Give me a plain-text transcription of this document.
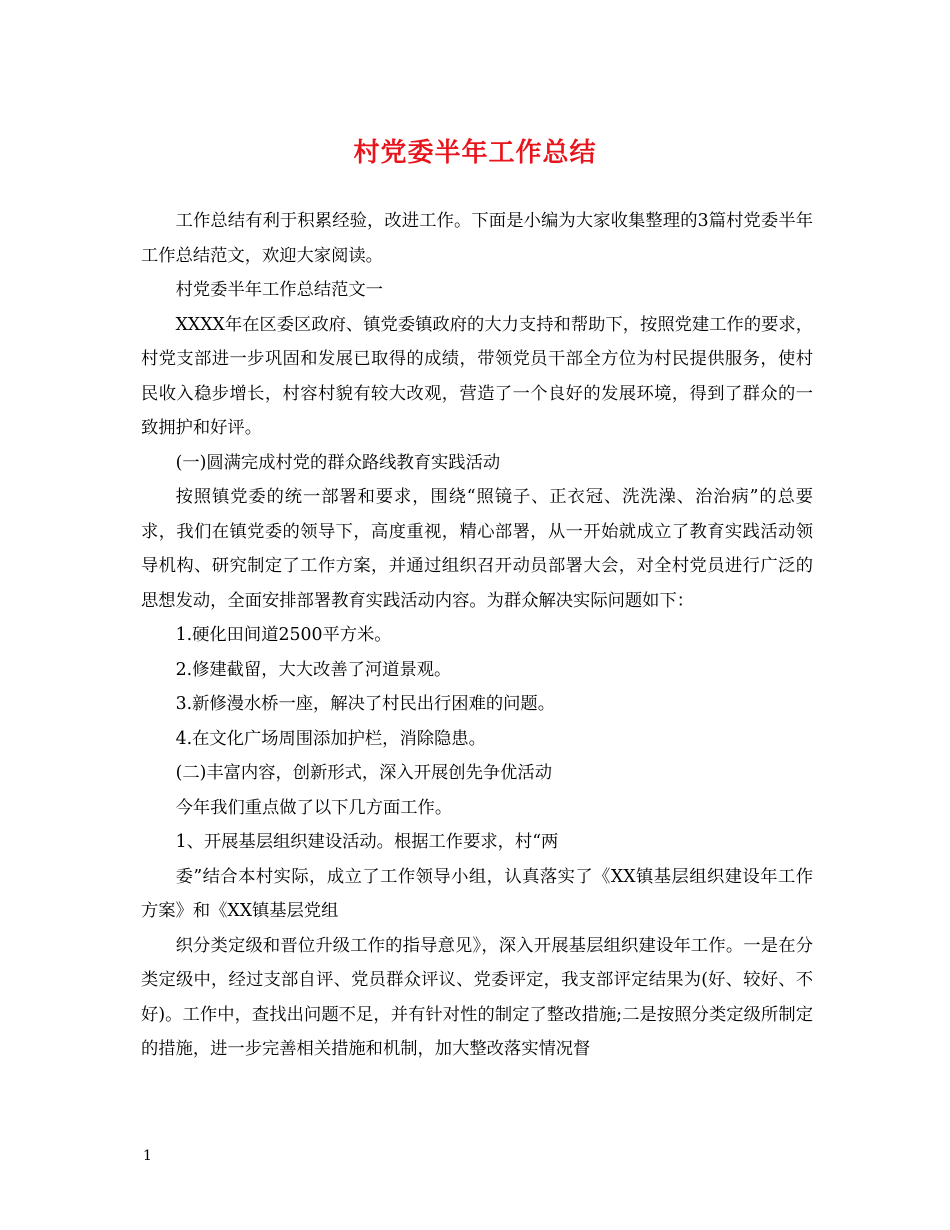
村党委半年工作总结

工作总结有利于积累经验，改进工作。下面是小编为大家收集整理的3篇村党委半年工作总结范文，欢迎大家阅读。

村党委半年工作总结范文一

XXXX年在区委区政府、镇党委镇政府的大力支持和帮助下，按照党建工作的要求，村党支部进一步巩固和发展已取得的成绩，带领党员干部全方位为村民提供服务，使村民收入稳步增长，村容村貌有较大改观，营造了一个良好的发展环境，得到了群众的一致拥护和好评。

(一)圆满完成村党的群众路线教育实践活动

按照镇党委的统一部署和要求，围绕“照镜子、正衣冠、洗洗澡、治治病”的总要求，我们在镇党委的领导下，高度重视，精心部署，从一开始就成立了教育实践活动领导机构、研究制定了工作方案，并通过组织召开动员部署大会，对全村党员进行广泛的思想发动，全面安排部署教育实践活动内容。为群众解决实际问题如下：

1.硬化田间道2500平方米。

2.修建截留，大大改善了河道景观。

3.新修漫水桥一座，解决了村民出行困难的问题。

4.在文化广场周围添加护栏，消除隐患。

(二)丰富内容，创新形式，深入开展创先争优活动

今年我们重点做了以下几方面工作。

1、开展基层组织建设活动。根据工作要求，村“两

委”结合本村实际，成立了工作领导小组，认真落实了《XX镇基层组织建设年工作方案》和《XX镇基层党组

织分类定级和晋位升级工作的指导意见》，深入开展基层组织建设年工作。一是在分类定级中，经过支部自评、党员群众评议、党委评定，我支部评定结果为(好、较好、不好)。工作中，查找出问题不足，并有针对性的制定了整改措施;二是按照分类定级所制定的措施，进一步完善相关措施和机制，加大整改落实情况督

1
